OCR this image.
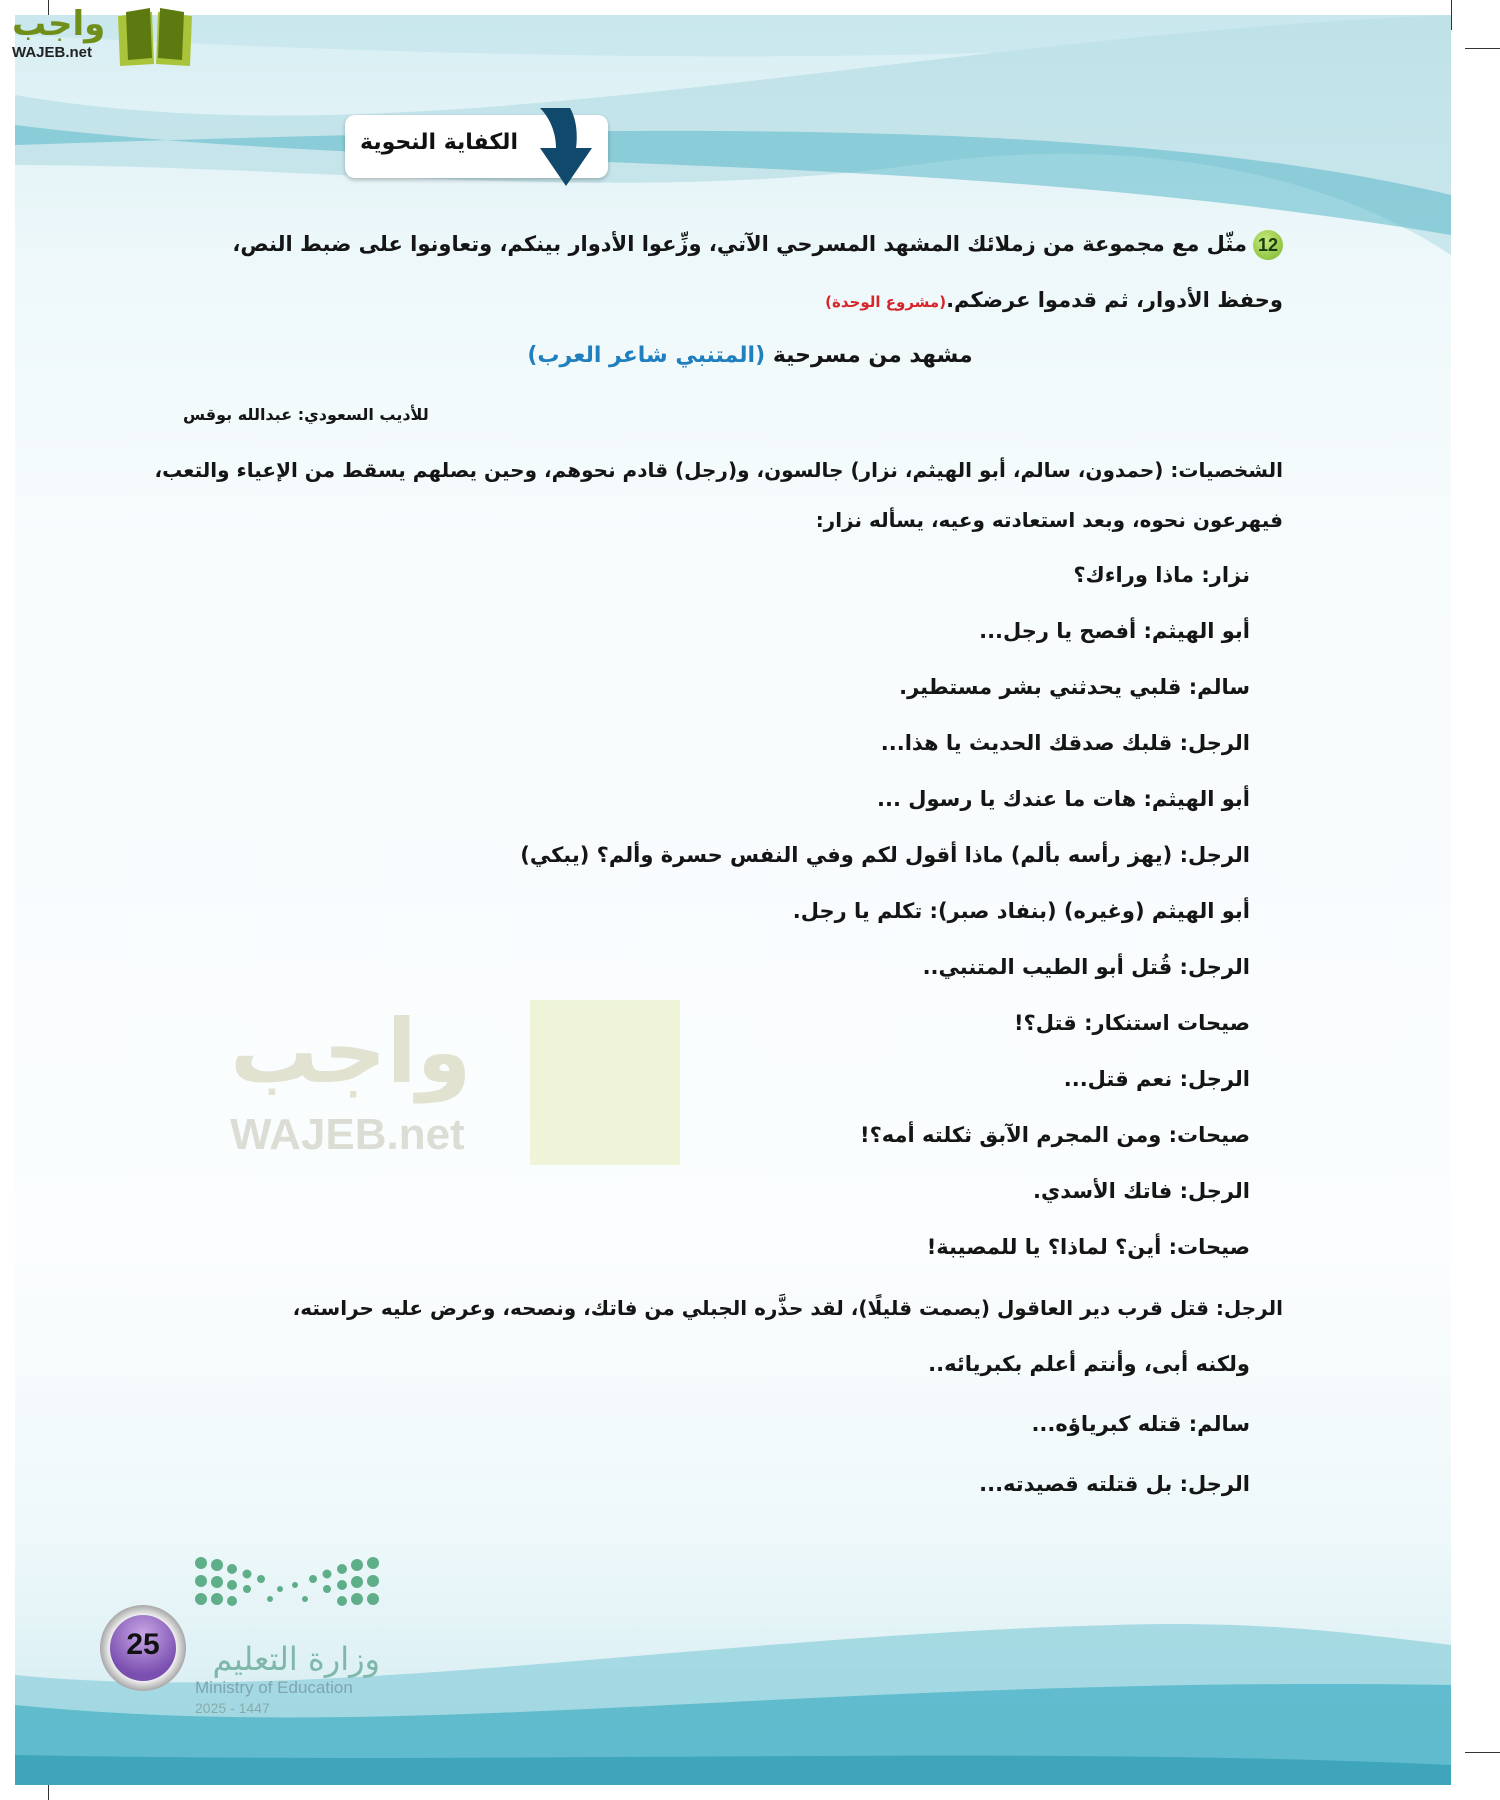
واجب
WAJEB.net
واجب
WAJEB.net
الكفاية النحوية
12مثّل مع مجموعة من زملائك المشهد المسرحي الآتي، وزِّعوا الأدوار بينكم، وتعاونوا على ضبط النص،
وحفظ الأدوار، ثم قدموا عرضكم.(مشروع الوحدة)
مشهد من مسرحية (المتنبي شاعر العرب)
للأديب السعودي: عبدالله بوقس
الشخصيات: (حمدون، سالم، أبو الهيثم، نزار) جالسون، و(رجل) قادم نحوهم، وحين يصلهم يسقط من الإعياء والتعب،
فيهرعون نحوه، وبعد استعادته وعيه، يسأله نزار:
نزار: ماذا وراءك؟
أبو الهيثم: أفصح يا رجل...
سالم: قلبي يحدثني بشر مستطير.
الرجل: قلبك صدقك الحديث يا هذا...
أبو الهيثم: هات ما عندك يا رسول ...
الرجل: (يهز رأسه بألم) ماذا أقول لكم وفي النفس حسرة وألم؟ (يبكي)
أبو الهيثم (وغيره) (بنفاد صبر): تكلم يا رجل.
الرجل: قُتل أبو الطيب المتنبي..
صيحات استنكار: قتل؟!
الرجل: نعم قتل...
صيحات: ومن المجرم الآبق ثكلته أمه؟!
الرجل: فاتك الأسدي.
صيحات: أين؟ لماذا؟ يا للمصيبة!
الرجل: قتل قرب دير العاقول (يصمت قليلًا)، لقد حذَّره الجبلي من فاتك، ونصحه، وعرض عليه حراسته،
ولكنه أبى، وأنتم أعلم بكبريائه..
سالم: قتله كبرياؤه...
الرجل: بل قتلته قصيدته...
وزارة التعليم
Ministry of Education
2025 - 1447
25
